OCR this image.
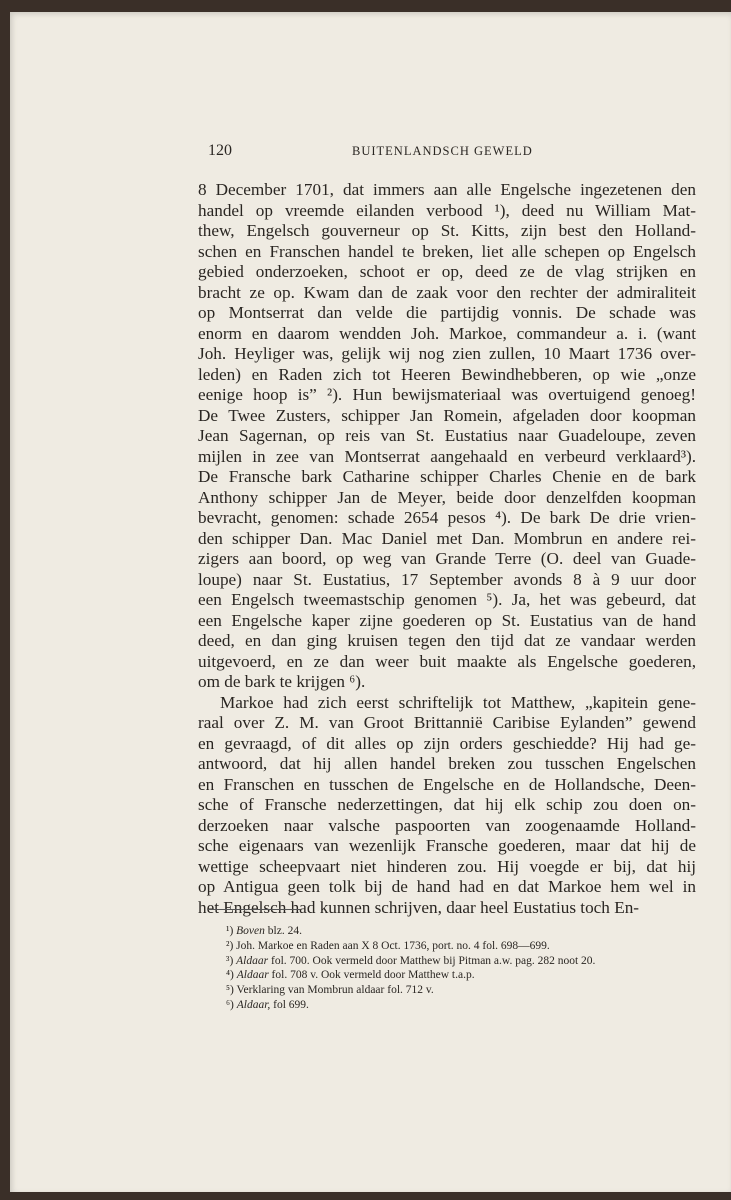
120	BUITENLANDSCH GEWELD
8 December 1701, dat immers aan alle Engelsche ingezetenen den
handel op vreemde eilanden verbood ¹), deed nu William Mat-
thew, Engelsch gouverneur op St. Kitts, zijn best den Holland-
schen en Franschen handel te breken, liet alle schepen op Engelsch
gebied onderzoeken, schoot er op, deed ze de vlag strijken en
bracht ze op. Kwam dan de zaak voor den rechter der admiraliteit
op Montserrat dan velde die partijdig vonnis. De schade was
enorm en daarom wendden Joh. Markoe, commandeur a. i. (want
Joh. Heyliger was, gelijk wij nog zien zullen, 10 Maart 1736 over-
leden) en Raden zich tot Heeren Bewindhebberen, op wie „onze
eenige hoop is” ²). Hun bewijsmateriaal was overtuigend genoeg!
De Twee Zusters, schipper Jan Romein, afgeladen door koopman
Jean Sagernan, op reis van St. Eustatius naar Guadeloupe, zeven
mijlen in zee van Montserrat aangehaald en verbeurd verklaard³).
De Fransche bark Catharine schipper Charles Chenie en de bark
Anthony schipper Jan de Meyer, beide door denzelfden koopman
bevracht, genomen: schade 2654 pesos ⁴). De bark De drie vrien-
den schipper Dan. Mac Daniel met Dan. Mombrun en andere rei-
zigers aan boord, op weg van Grande Terre (O. deel van Guade-
loupe) naar St. Eustatius, 17 September avonds 8 à 9 uur door
een Engelsch tweemastschip genomen ⁵). Ja, het was gebeurd, dat
een Engelsche kaper zijne goederen op St. Eustatius van de hand
deed, en dan ging kruisen tegen den tijd dat ze vandaar werden
uitgevoerd, en ze dan weer buit maakte als Engelsche goederen,
om de bark te krijgen ⁶).
Markoe had zich eerst schriftelijk tot Matthew, „kapitein gene-
raal over Z. M. van Groot Brittannië Caribise Eylanden” gewend
en gevraagd, of dit alles op zijn orders geschiedde? Hij had ge-
antwoord, dat hij allen handel breken zou tusschen Engelschen
en Franschen en tusschen de Engelsche en de Hollandsche, Deen-
sche of Fransche nederzettingen, dat hij elk schip zou doen on-
derzoeken naar valsche paspoorten van zoogenaamde Holland-
sche eigenaars van wezenlijk Fransche goederen, maar dat hij de
wettige scheepvaart niet hinderen zou. Hij voegde er bij, dat hij
op Antigua geen tolk bij de hand had en dat Markoe hem wel in
het Engelsch had kunnen schrijven, daar heel Eustatius toch En-
¹) Boven blz. 24.
²) Joh. Markoe en Raden aan X 8 Oct. 1736, port. no. 4 fol. 698—699.
³) Aldaar fol. 700. Ook vermeld door Matthew bij Pitman a.w. pag. 282 noot 20.
⁴) Aldaar fol. 708 v. Ook vermeld door Matthew t.a.p.
⁵) Verklaring van Mombrun aldaar fol. 712 v.
⁶) Aldaar, fol 699.
